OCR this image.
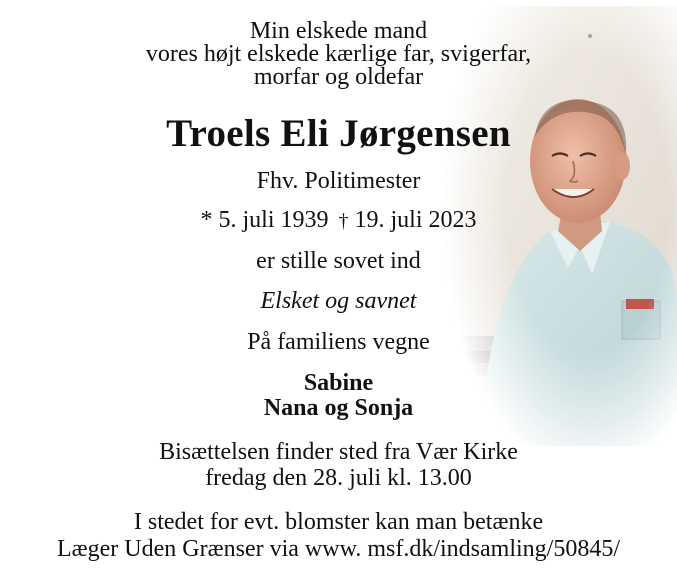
Min elskede mand
vores højt elskede kærlige far, svigerfar,
morfar og oldefar
Troels Eli Jørgensen
Fhv. Politimester
* 5. juli 1939 † 19. juli 2023
er stille sovet ind
Elsket og savnet
På familiens vegne
Sabine
Nana og Sonja
Bisættelsen finder sted fra Vær Kirke
fredag den 28. juli kl. 13.00
I stedet for evt. blomster kan man betænke
Læger Uden Grænser via www. msf.dk/indsamling/50845/
